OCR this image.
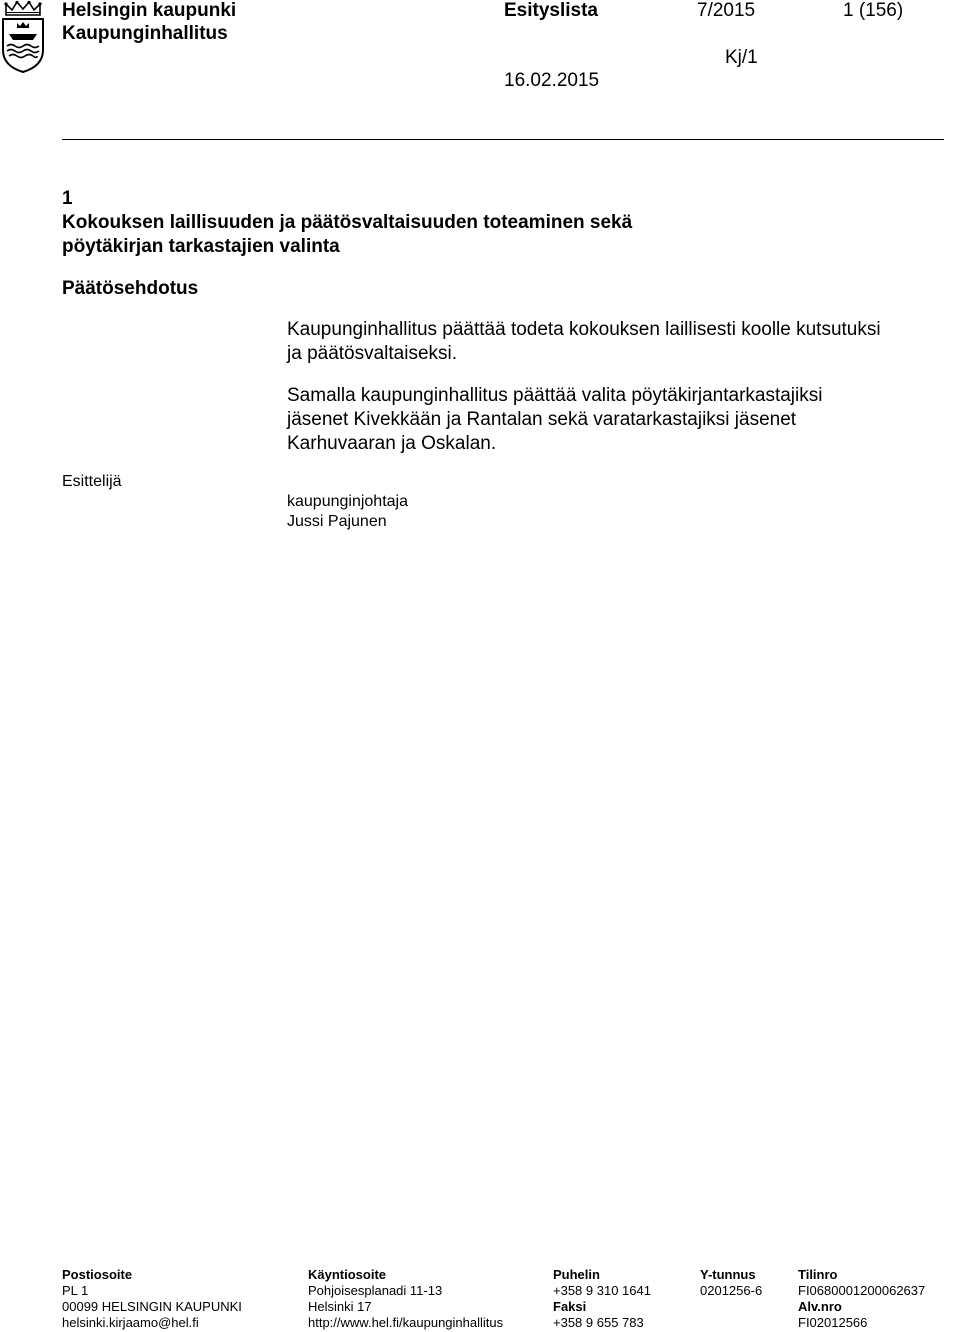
Helsingin kaupunki
Kaupunginhallitus
Esityslista	7/2015	1 (156)
Kj/1
16.02.2015
1
Kokouksen laillisuuden ja päätösvaltaisuuden toteaminen sekä
pöytäkirjan tarkastajien valinta
Päätösehdotus
Kaupunginhallitus päättää todeta kokouksen laillisesti koolle kutsutuksi
ja päätösvaltaiseksi.
Samalla kaupunginhallitus päättää valita pöytäkirjantarkastajiksi
jäsenet Kivekkään ja Rantalan sekä varatarkastajiksi jäsenet
Karhuvaaran ja Oskalan.
Esittelijä
kaupunginjohtaja
Jussi Pajunen
Postiosoite
PL 1
00099 HELSINGIN KAUPUNKI
helsinki.kirjaamo@hel.fi
Käyntiosoite
Pohjoisesplanadi 11-13
Helsinki 17
http://www.hel.fi/kaupunginhallitus
Puhelin
+358 9 310 1641
Faksi
+358 9 655 783
Y-tunnus
0201256-6
Tilinro
FI0680001200062637
Alv.nro
FI02012566
